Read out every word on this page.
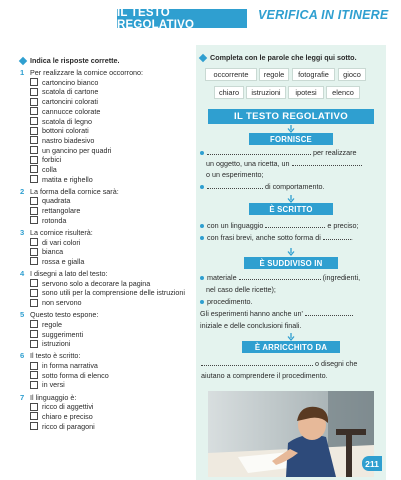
IL TESTO REGOLATIVO
VERIFICA IN ITINERE
Indica le risposte corrette.
1 Per realizzare la cornice occorrono:
cartoncino bianco
scatola di cartone
cartoncini colorati
cannucce colorate
scatola di legno
bottoni colorati
nastro biadesivo
un gancino per quadri
forbici
colla
matita e righello
2 La forma della cornice sarà:
quadrata
rettangolare
rotonda
3 La cornice risulterà:
di vari colori
bianca
rossa e gialla
4 I disegni a lato del testo:
servono solo a decorare la pagina
sono utili per la comprensione delle istruzioni
non servono
5 Questo testo espone:
regole
suggerimenti
istruzioni
6 Il testo è scritto:
in forma narrativa
sotto forma di elenco
in versi
7 Il linguaggio è:
ricco di aggettivi
chiaro e preciso
ricco di paragoni
Completa con le parole che leggi qui sotto.
occorrente	regole	fotografie	gioco
chiaro	istruzioni	ipotesi	elenco
IL TESTO REGOLATIVO
FORNISCE
per realizzare
un oggetto, una ricetta, un
o un esperimento;
di comportamento.
È SCRITTO
con un linguaggio	e preciso;
con frasi brevi, anche sotto forma di	.
È SUDDIVISO IN
materiale	(ingredienti,
nel caso delle ricette);
procedimento.
Gli esperimenti hanno anche un'
iniziale e delle conclusioni finali.
È ARRICCHITO DA
o disegni che
aiutano a comprendere il procedimento.
211
